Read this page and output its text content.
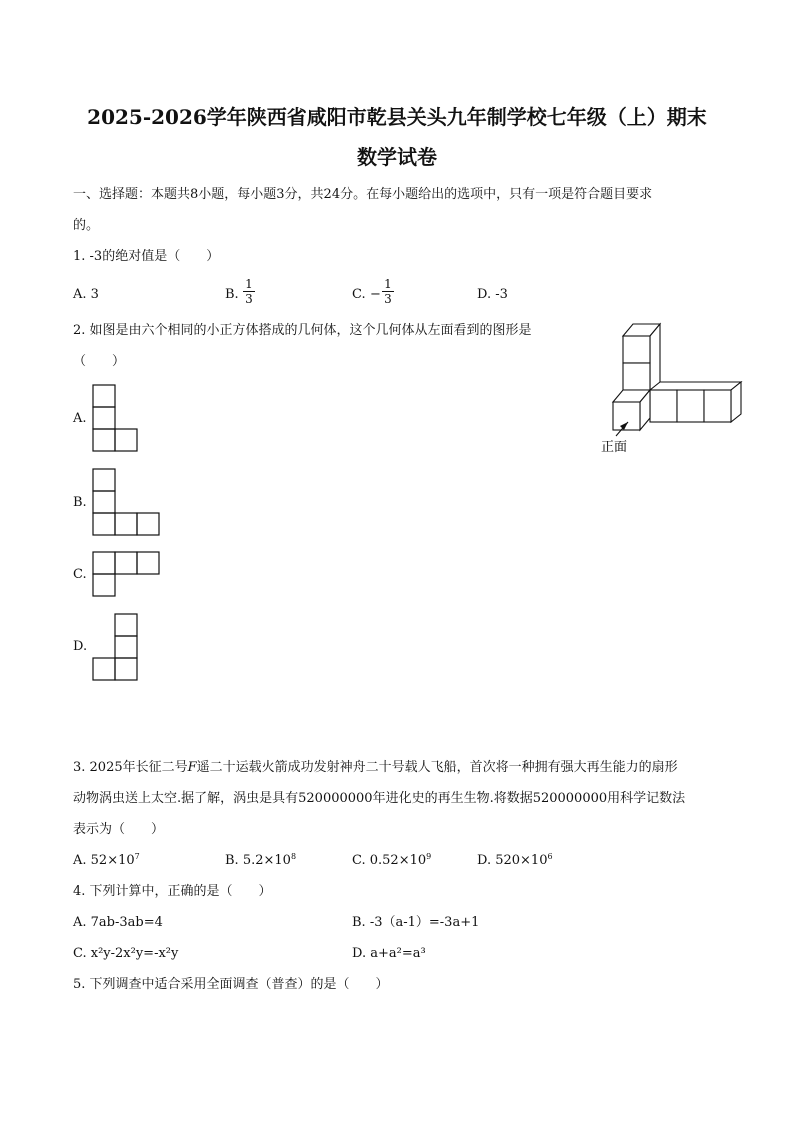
2025-2026学年陕西省咸阳市乾县关头九年制学校七年级（上）期末
数学试卷
一、选择题：本题共8小题，每小题3分，共24分。在每小题给出的选项中，只有一项是符合题目要求
的。
1. -3的绝对值是（　　）
A. 3	B.
1
3	C. −
1
3	D. -3
2. 如图是由六个相同的小正方体搭成的几何体，这个几何体从左面看到的图形是
（　　）
正面
A.
B.
C.
D.
3. 2025年长征二号F遥二十运载火箭成功发射神舟二十号载人飞船，首次将一种拥有强大再生能力的扇形
动物涡虫送上太空.据了解，涡虫是具有520000000年进化史的再生生物.将数据520000000用科学记数法
表示为（　　）
A. $52\times 10^7$	B. $5.2\times 10^8$	C. $0.52\times 10^9$	D. $520\times 10^6$
4. 下列计算中，正确的是（　　）
A. 7ab-3ab=4	B. -3（a-1）=-3a+1
C. x²y-2x²y=-x²y	D. a+a²=a³
5. 下列调查中适合采用全面调查（普查）的是（　　）
